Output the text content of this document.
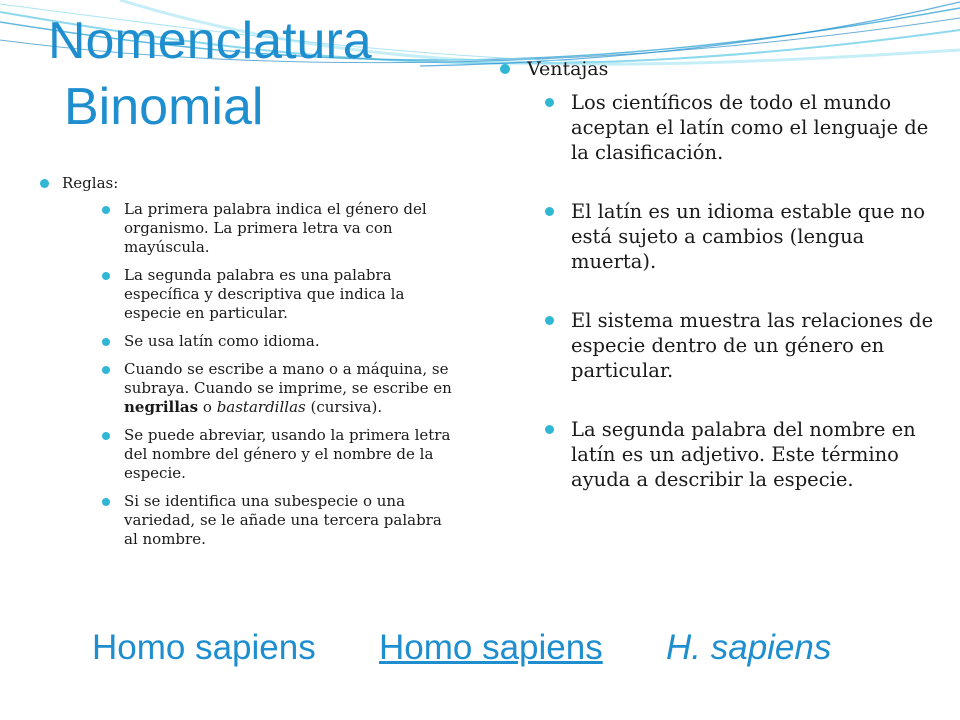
Nomenclatura
Binomial
Reglas:
La primera palabra indica el género del organismo. La primera letra va con mayúscula.
La segunda palabra es una palabra específica y descriptiva que indica la especie en particular.
Se usa latín como idioma.
Cuando se escribe a mano o a máquina, se subraya. Cuando se imprime, se escribe en negrillas o bastardillas (cursiva).
Se puede abreviar, usando la primera letra del nombre del género y el nombre de la especie.
Si se identifica una subespecie o una variedad, se le añade una tercera palabra al nombre.
Ventajas
Los científicos de todo el mundo aceptan el latín como el lenguaje de la clasificación.
El latín es un idioma estable que no está sujeto a cambios (lengua muerta).
El sistema muestra las relaciones de especie dentro de un género en particular.
La segunda palabra del nombre en latín es un adjetivo. Este término ayuda a describir la especie.
Homo sapiens Homo sapiens H. sapiens
